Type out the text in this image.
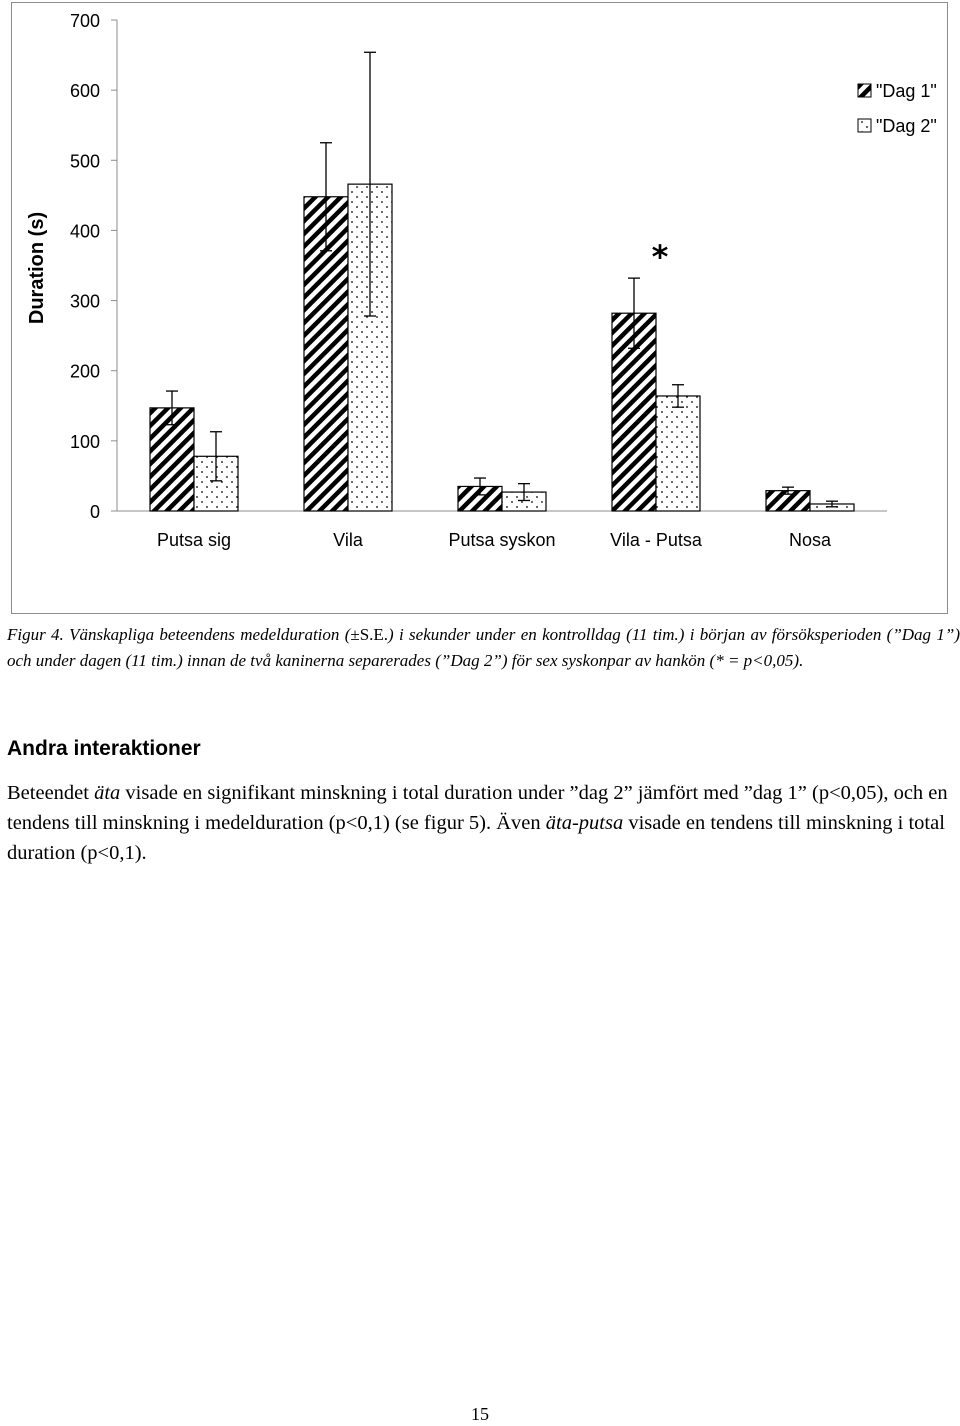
0
100
200
300
400
500
600
700
Putsa sig	Vila	Putsa syskon	Vila - Putsa	Nosa
*
Duration (s)
"Dag 1"
"Dag 2"
Figur 4. Vänskapliga beteendens medelduration (±S.E.) i sekunder under en kontrolldag (11 tim.) i början av försöksperioden (”Dag 1”) och under dagen (11 tim.) innan de två kaninerna separerades (”Dag 2”) för sex syskonpar av hankön (* = p<0,05).
Andra interaktioner
Beteendet äta visade en signifikant minskning i total duration under ”dag 2” jämfört med ”dag 1” (p<0,05), och en tendens till minskning i medelduration (p<0,1) (se figur 5). Även äta-putsa visade en tendens till minskning i total duration (p<0,1).
15
